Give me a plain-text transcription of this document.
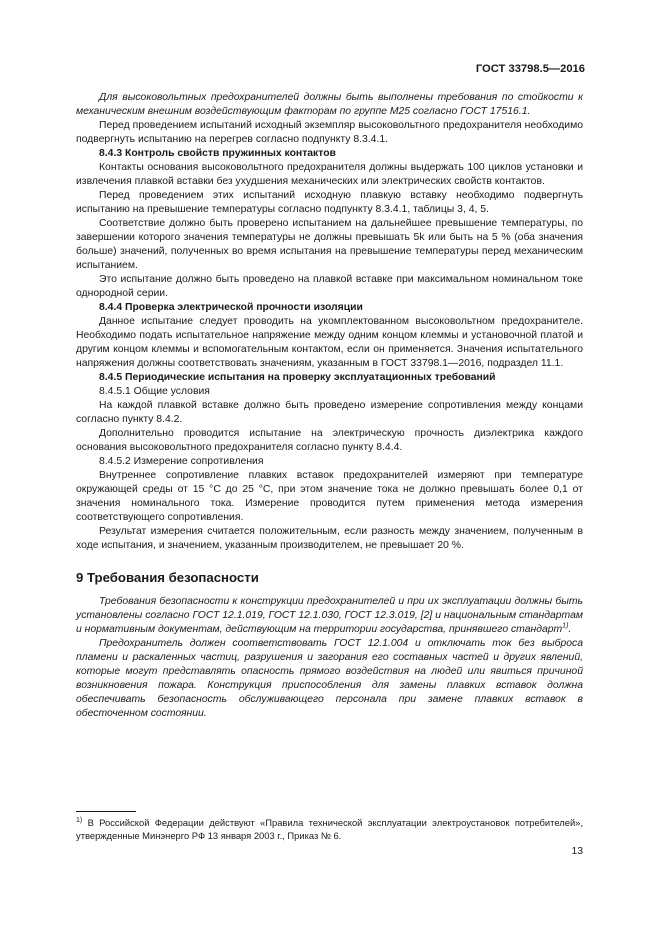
ГОСТ 33798.5—2016

Для высоковольтных предохранителей должны быть выполнены требования по стойкости к механическим внешним воздействующим факторам по группе М25 согласно ГОСТ 17516.1.

Перед проведением испытаний исходный экземпляр высоковольтного предохранителя необходимо подвергнуть испытанию на перегрев согласно подпункту 8.3.4.1.

8.4.3 Контроль свойств пружинных контактов

Контакты основания высоковольтного предохранителя должны выдержать 100 циклов установки и извлечения плавкой вставки без ухудшения механических или электрических свойств контактов.

Перед проведением этих испытаний исходную плавкую вставку необходимо подвергнуть испытанию на превышение температуры согласно подпункту 8.3.4.1, таблицы 3, 4, 5.

Соответствие должно быть проверено испытанием на дальнейшее превышение температуры, по завершении которого значения температуры не должны превышать 5k или быть на 5 % (оба значения больше) значений, полученных во время испытания на превышение температуры перед механическим испытанием.

Это испытание должно быть проведено на плавкой вставке при максимальном номинальном токе однородной серии.

8.4.4 Проверка электрической прочности изоляции

Данное испытание следует проводить на укомплектованном высоковольтном предохранителе. Необходимо подать испытательное напряжение между одним концом клеммы и установочной платой и другим концом клеммы и вспомогательным контактом, если он применяется. Значения испытательного напряжения должны соответствовать значениям, указанным в ГОСТ 33798.1—2016, подраздел 11.1.

8.4.5 Периодические испытания на проверку эксплуатационных требований

8.4.5.1 Общие условия

На каждой плавкой вставке должно быть проведено измерение сопротивления между концами согласно пункту 8.4.2.

Дополнительно проводится испытание на электрическую прочность диэлектрика каждого основания высоковольтного предохранителя согласно пункту 8.4.4.

8.4.5.2 Измерение сопротивления

Внутреннее сопротивление плавких вставок предохранителей измеряют при температуре окружающей среды от 15 °С до 25 °С, при этом значение тока не должно превышать более 0,1 от значения номинального тока. Измерение проводится путем применения метода измерения соответствующего сопротивления.

Результат измерения считается положительным, если разность между значением, полученным в ходе испытания, и значением, указанным производителем, не превышает 20 %.

9 Требования безопасности

Требования безопасности к конструкции предохранителей и при их эксплуатации должны быть установлены согласно ГОСТ 12.1.019, ГОСТ 12.1.030, ГОСТ 12.3.019, [2] и национальным стандартам и нормативным документам, действующим на территории государства, принявшего стандарт$^{1)}$.

Предохранитель должен соответствовать ГОСТ 12.1.004 и отключать ток без выброса пламени и раскаленных частиц, разрушения и загорания его составных частей и других явлений, которые могут представлять опасность прямого воздействия на людей или явиться причиной возникновения пожара. Конструкция приспособления для замены плавких вставок должна обеспечивать безопасность обслуживающего персонала при замене плавких вставок в обесточенном состоянии.

$^{1)}$ В Российской Федерации действуют «Правила технической эксплуатации электроустановок потребителей», утвержденные Минэнерго РФ 13 января 2003 г., Приказ № 6.
13
